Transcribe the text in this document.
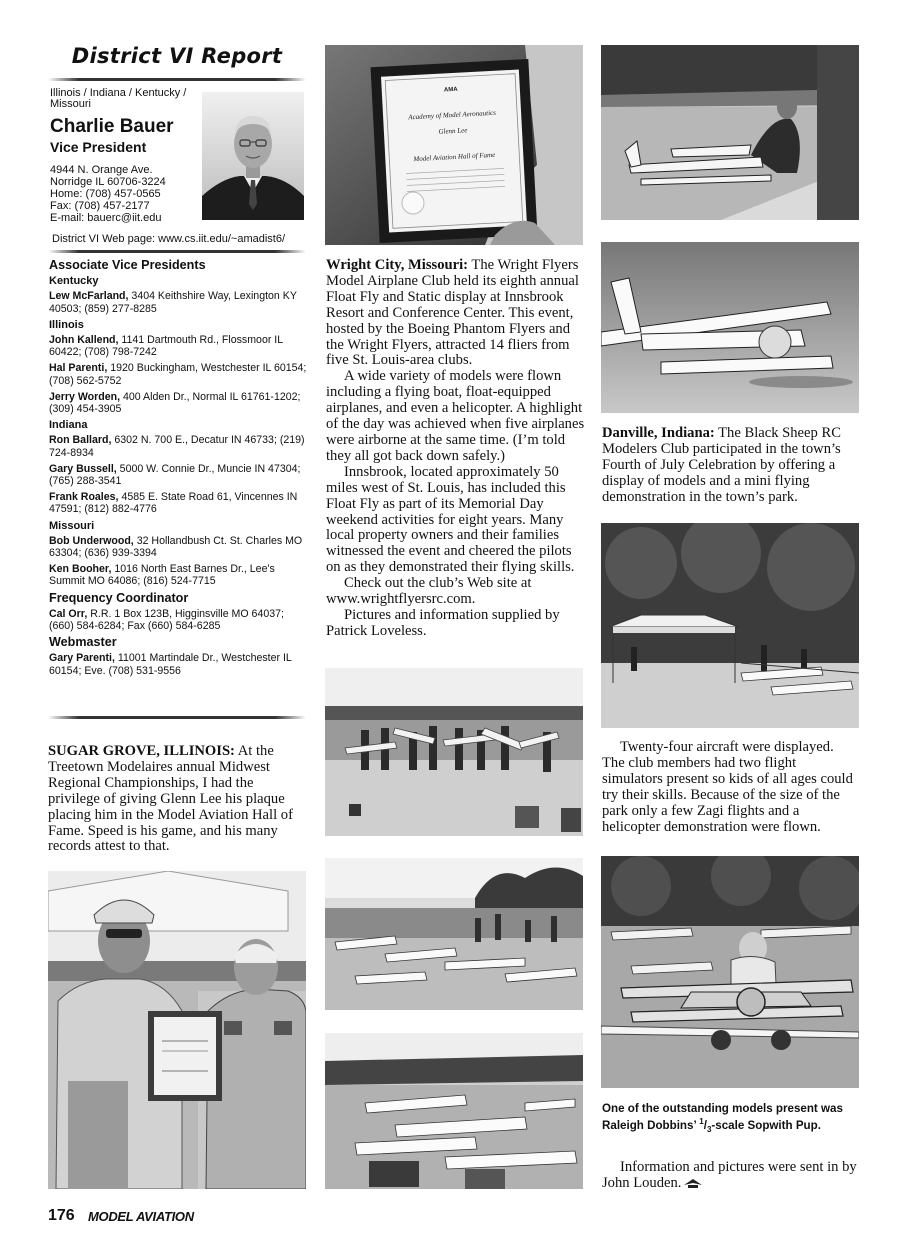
District VI Report
Illinois / Indiana / Kentucky / Missouri
Charlie Bauer
Vice President
4944 N. Orange Ave.
Norridge IL 60706-3224
Home: (708) 457-0565
Fax: (708) 457-2177
E-mail: bauerc@iit.edu
District VI Web page: www.cs.iit.edu/~amadist6/
Associate Vice Presidents
Kentucky
Lew McFarland, 3404 Keithshire Way, Lexington KY 40503; (859) 277-8285
Illinois
John Kallend, 1141 Dartmouth Rd., Flossmoor IL 60422; (708) 798-7242
Hal Parenti, 1920 Buckingham, Westchester IL 60154; (708) 562-5752
Jerry Worden, 400 Alden Dr., Normal IL 61761-1202; (309) 454-3905
Indiana
Ron Ballard, 6302 N. 700 E., Decatur IN 46733; (219) 724-8934
Gary Bussell, 5000 W. Connie Dr., Muncie IN 47304; (765) 288-3541
Frank Roales, 4585 E. State Road 61, Vincennes IN 47591; (812) 882-4776
Missouri
Bob Underwood, 32 Hollandbush Ct. St. Charles MO 63304; (636) 939-3394
Ken Booher, 1016 North East Barnes Dr., Lee's Summit MO 64086; (816) 524-7715
Frequency Coordinator
Cal Orr, R.R. 1 Box 123B, Higginsville MO 64037; (660) 584-6284; Fax (660) 584-6285
Webmaster
Gary Parenti, 11001 Martindale Dr., Westchester IL 60154; Eve. (708) 531-9556
SUGAR GROVE, ILLINOIS: At the Treetown Modelaires annual Midwest Regional Championships, I had the privilege of giving Glenn Lee his plaque placing him in the Model Aviation Hall of Fame. Speed is his game, and his many records attest to that.
AMA
Academy of Model Aeronautics
Glenn Lee
Model Aviation Hall of Fame
Wright City, Missouri: The Wright Flyers Model Airplane Club held its eighth annual Float Fly and Static display at Innsbrook Resort and Conference Center. This event, hosted by the Boeing Phantom Flyers and the Wright Flyers, attracted 14 fliers from five St. Louis-area clubs.
A wide variety of models were flown including a flying boat, float-equipped airplanes, and even a helicopter. A highlight of the day was achieved when five airplanes were airborne at the same time. (I’m told they all got back down safely.)
Innsbrook, located approximately 50 miles west of St. Louis, has included this Float Fly as part of its Memorial Day weekend activities for eight years. Many local property owners and their families witnessed the event and cheered the pilots on as they demonstrated their flying skills.
Check out the club’s Web site at www.wrightflyersrc.com.
Pictures and information supplied by Patrick Loveless.
Danville, Indiana: The Black Sheep RC Modelers Club participated in the town’s Fourth of July Celebration by offering a display of models and a mini flying demonstration in the town’s park.
Twenty-four aircraft were displayed. The club members had two flight simulators present so kids of all ages could try their skills. Because of the size of the park only a few Zagi flights and a helicopter demonstration were flown.
One of the outstanding models present was Raleigh Dobbins’ $^1/_3$-scale Sopwith Pup.
Information and pictures were sent in by John Louden.
176 MODEL AVIATION
